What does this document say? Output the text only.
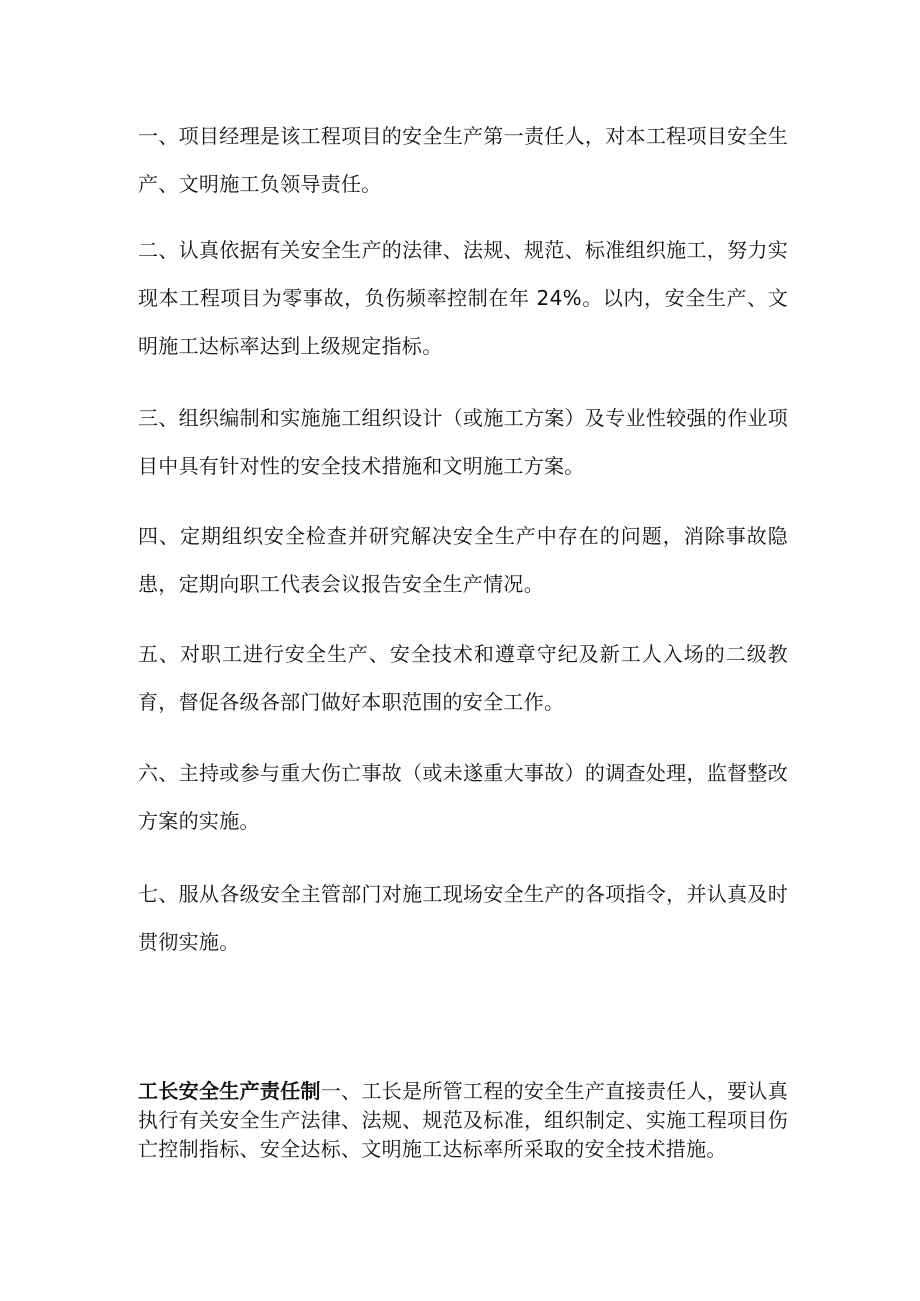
一、项目经理是该工程项目的安全生产第一责任人，对本工程项目安全生产、文明施工负领导责任。

二、认真依据有关安全生产的法律、法规、规范、标准组织施工，努力实现本工程项目为零事故，负伤频率控制在年 24%。以内，安全生产、文明施工达标率达到上级规定指标。

三、组织编制和实施施工组织设计（或施工方案）及专业性较强的作业项目中具有针对性的安全技术措施和文明施工方案。

四、定期组织安全检查并研究解决安全生产中存在的问题，消除事故隐患，定期向职工代表会议报告安全生产情况。

五、对职工进行安全生产、安全技术和遵章守纪及新工人入场的二级教育，督促各级各部门做好本职范围的安全工作。

六、主持或参与重大伤亡事故（或未遂重大事故）的调查处理，监督整改方案的实施。

七、服从各级安全主管部门对施工现场安全生产的各项指令，并认真及时贯彻实施。

工长安全生产责任制一、工长是所管工程的安全生产直接责任人，要认真执行有关安全生产法律、法规、规范及标准，组织制定、实施工程项目伤亡控制指标、安全达标、文明施工达标率所采取的安全技术措施。
